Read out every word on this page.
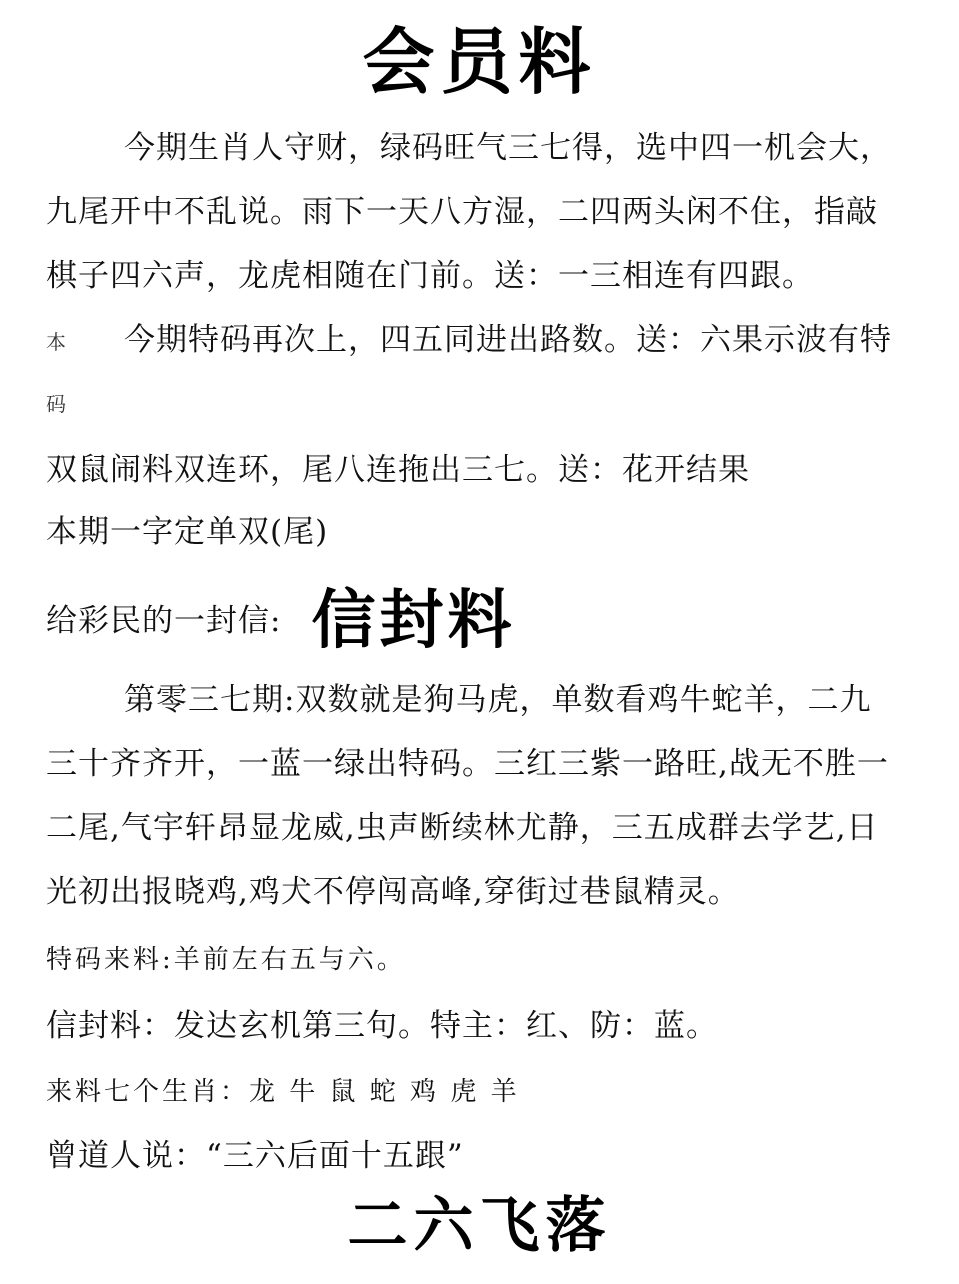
会员料
今期生肖人守财，绿码旺气三七得，选中四一机会大，
九尾开中不乱说。雨下一天八方湿，二四两头闲不住，指敲
棋子四六声，龙虎相随在门前。送：一三相连有四跟。
本 今期特码再次上，四五同进出路数。送：六果示波有特
码
双鼠闹料双连环，尾八连拖出三七。送：花开结果
本期一字定单双(尾)
给彩民的一封信: 信封料
第零三七期:双数就是狗马虎，单数看鸡牛蛇羊，二九
三十齐齐开，一蓝一绿出特码。三红三紫一路旺,战无不胜一
二尾,气宇轩昂显龙威,虫声断续林尤静，三五成群去学艺,日
光初出报晓鸡,鸡犬不停闯高峰,穿街过巷鼠精灵。
特码来料:羊前左右五与六。
信封料：发达玄机第三句。特主：红、防：蓝。
来料七个生肖：龙 牛 鼠 蛇 鸡 虎 羊
曾道人说：“三六后面十五跟”
二六飞落
